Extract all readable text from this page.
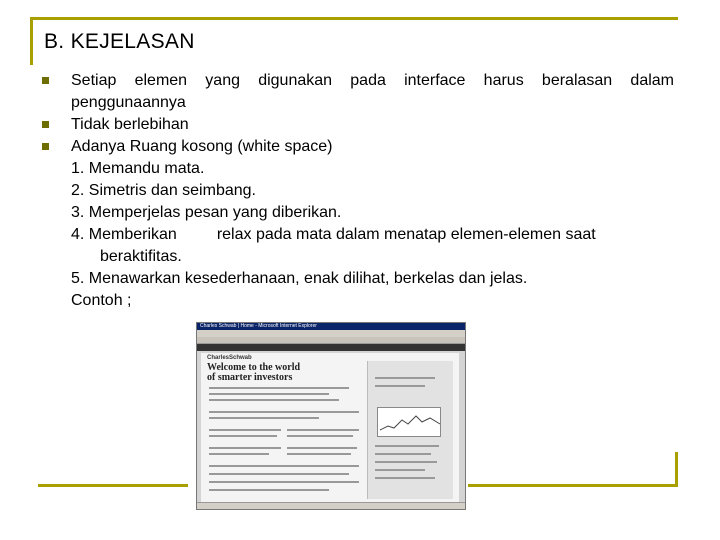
B. KEJELASAN
Setiap elemen yang digunakan pada interface harus beralasan dalam penggunaannya
Tidak berlebihan
Adanya Ruang kosong (white space)
1. Memandu mata.
2. Simetris dan seimbang.
3. Memperjelas pesan yang diberikan.
4. Memberikan	relax pada mata dalam menatap elemen-elemen saat
beraktifitas.
5. Menawarkan kesederhanaan, enak dilihat, berkelas dan jelas.
Contoh ;
Charles Schwab | Home - Microsoft Internet Explorer
CharlesSchwab
Welcome to the world
of smarter investors
